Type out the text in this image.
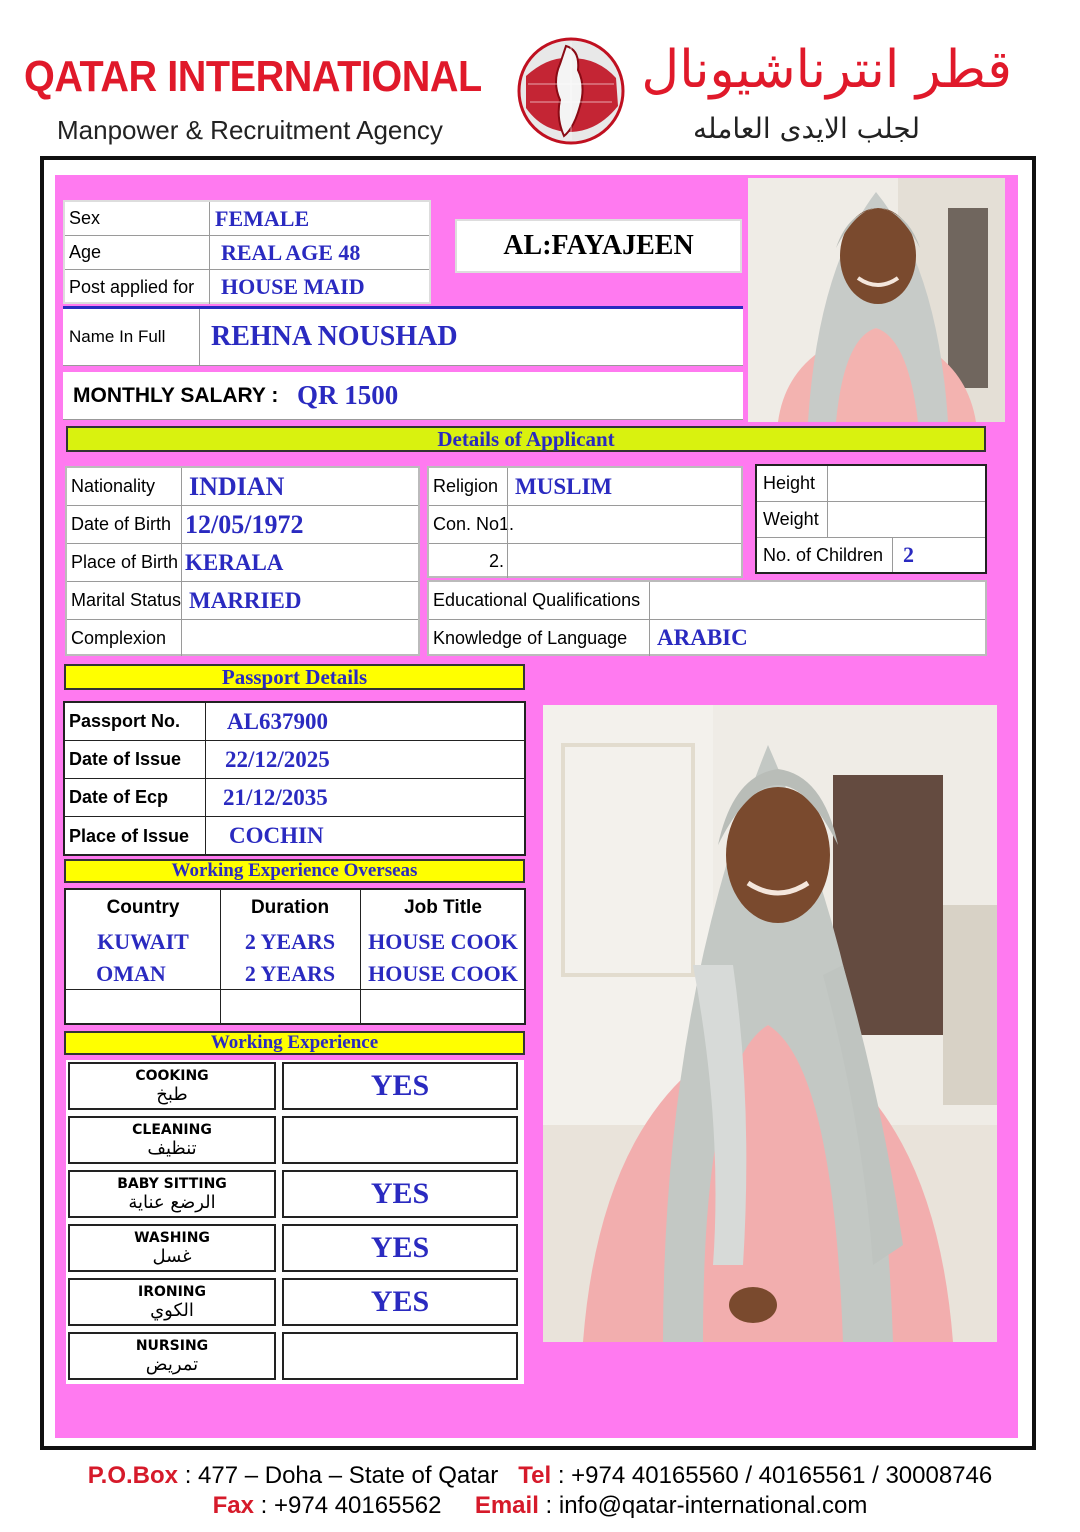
QATAR INTERNATIONAL
Manpower & Recruitment Agency
قطر انترناشيونال
لجلب الايدى العامله
Sex	FEMALE
Age	REAL AGE 48
Post applied for	HOUSE MAID
AL:FAYAJEEN
Name In Full	REHNA NOUSHAD
MONTHLY SALARY : QR 1500
Details of Applicant
Nationality INDIAN
Date of Birth 12/05/1972
Place of Birth KERALA
Marital Status MARRIED
Complexion
Religion MUSLIM
Con. No1.
2.
Height
Weight
No. of Children 2
Educational Qualifications
Knowledge of Language ARABIC
Passport Details
Passport No. AL637900
Date of Issue 22/12/2025
Date of Ecp 21/12/2035
Place of Issue COCHIN
Working Experience Overseas
Country	Duration	Job Title
KUWAIT	2 YEARS	HOUSE COOK
OMAN	2 YEARS	HOUSE COOK
Working Experience
COOKING
طبخ	YES
CLEANING
تنظيف
BABY SITTING
الرضع عناية	YES
WASHING
غسل	YES
IRONING
الكوي	YES
NURSING
تمريض
P.O.Box : 477 – Doha – State of Qatar Tel : +974 40165560 / 40165561 / 30008746
Fax : +974 40165562 Email : info@qatar-international.com
